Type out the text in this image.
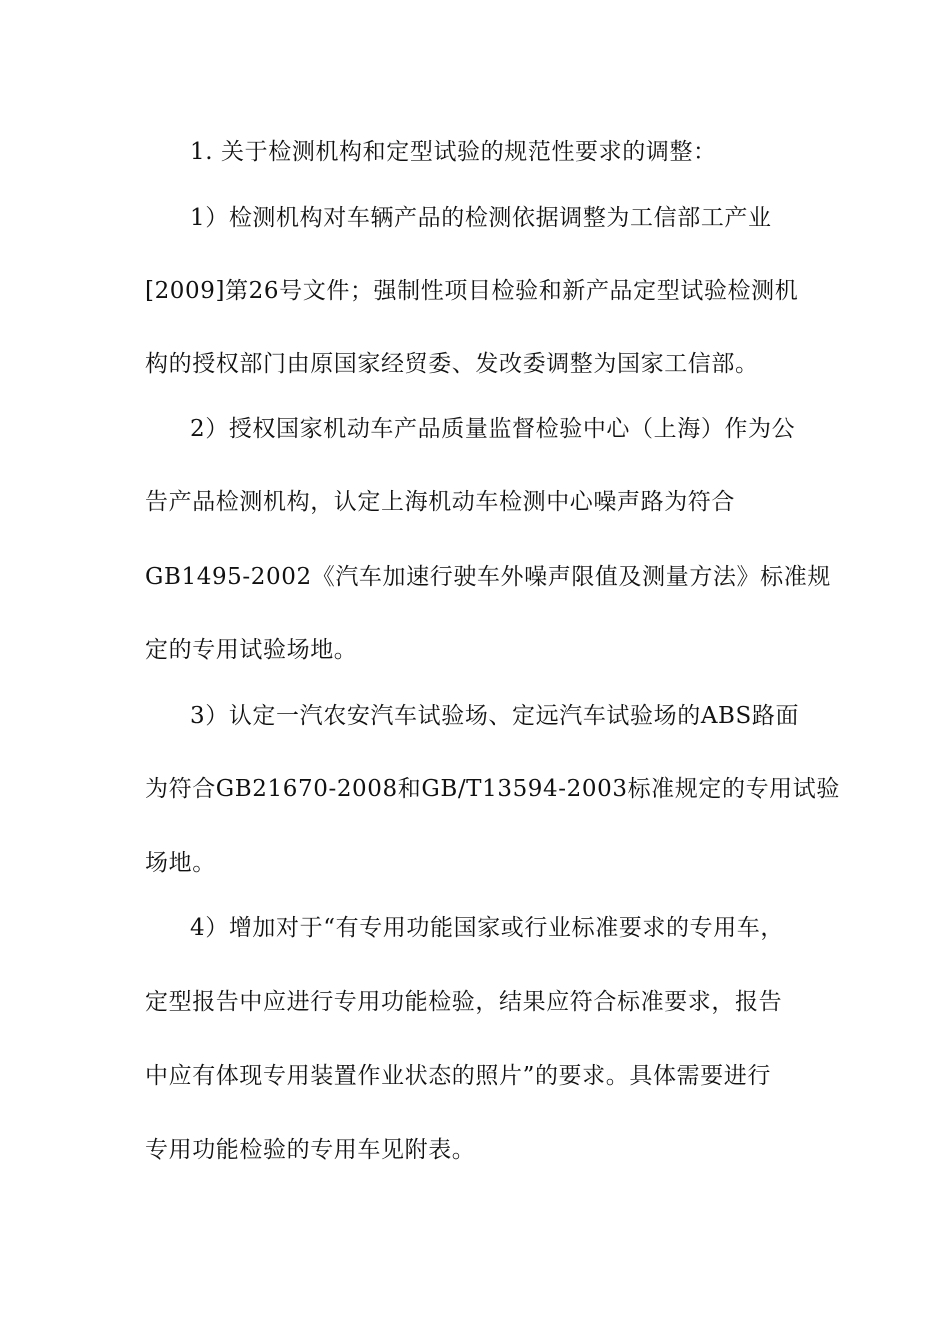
1. 关于检测机构和定型试验的规范性要求的调整：
1）检测机构对车辆产品的检测依据调整为工信部工产业
[2009]第26号文件；强制性项目检验和新产品定型试验检测机
构的授权部门由原国家经贸委、发改委调整为国家工信部。
2）授权国家机动车产品质量监督检验中心（上海）作为公
告产品检测机构，认定上海机动车检测中心噪声路为符合
GB1495-2002《汽车加速行驶车外噪声限值及测量方法》标准规
定的专用试验场地。
3）认定一汽农安汽车试验场、定远汽车试验场的ABS路面
为符合GB21670-2008和GB/T13594-2003标准规定的专用试验
场地。
4）增加对于“有专用功能国家或行业标准要求的专用车，
定型报告中应进行专用功能检验，结果应符合标准要求，报告
中应有体现专用装置作业状态的照片”的要求。具体需要进行
专用功能检验的专用车见附表。
